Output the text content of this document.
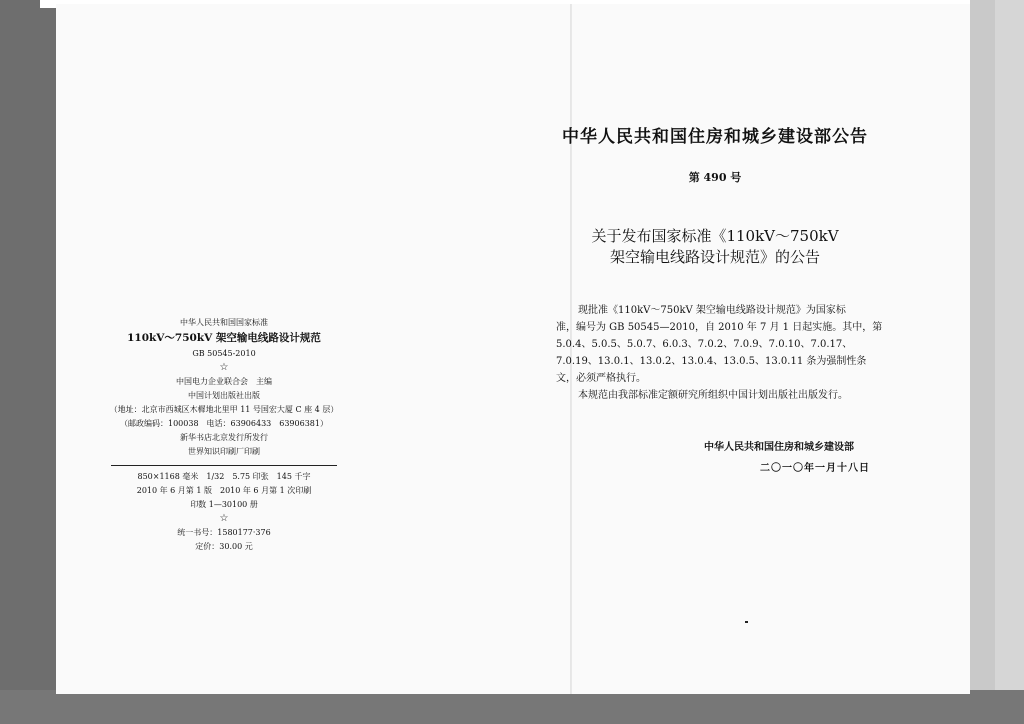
中华人民共和国国家标准
110kV～750kV 架空输电线路设计规范
GB 50545-2010
☆
中国电力企业联合会　主编
中国计划出版社出版
（地址：北京市西城区木樨地北里甲 11 号国宏大厦 C 座 4 层）
（邮政编码：100038　电话：63906433　63906381）
新华书店北京发行所发行
世界知识印刷厂印刷
850×1168 毫米　1/32　5.75 印张　145 千字
2010 年 6 月第 1 版　2010 年 6 月第 1 次印刷
印数 1—30100 册
☆
统一书号：1580177·376
定价：30.00 元
中华人民共和国住房和城乡建设部公告
第 490 号
关于发布国家标准《110kV～750kV
架空输电线路设计规范》的公告
现批准《110kV～750kV 架空输电线路设计规范》为国家标
准，编号为 GB 50545—2010，自 2010 年 7 月 1 日起实施。其中，第
5.0.4、5.0.5、5.0.7、6.0.3、7.0.2、7.0.9、7.0.10、7.0.17、
7.0.19、13.0.1、13.0.2、13.0.4、13.0.5、13.0.11 条为强制性条
文，必须严格执行。
本规范由我部标准定额研究所组织中国计划出版社出版发行。
中华人民共和国住房和城乡建设部
二〇一〇年一月十八日
